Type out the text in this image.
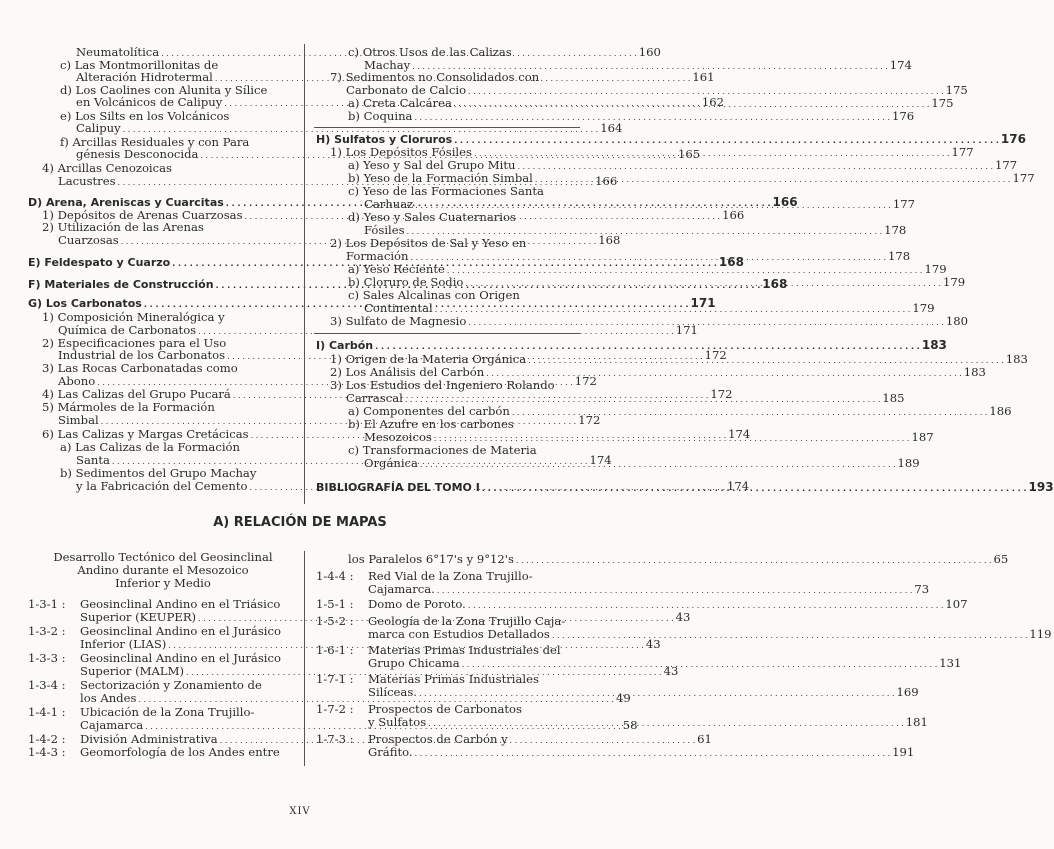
Neumatolítica . . .	160
c) Las Montmorillonitas de
Alteración Hidrotermal . . .	161
d) Los Caolines con Alunita y Sílice
en Volcánicos de Calipuy . . .	162
e) Los Silts en los Volcánicos
Calipuy . . .	164
f) Arcillas Residuales y con Para
génesis Desconocida . . .	165
4) Arcillas Cenozoicas
Lacustres . . .	166
D) Arena, Areniscas y Cuarcitas . . .	166
1) Depósitos de Arenas Cuarzosas . . .	166
2) Utilización de las Arenas
Cuarzosas . . .	168
E) Feldespato y Cuarzo . . .	168
F) Materiales de Construcción . . .	168
G) Los Carbonatos . . .	171
1) Composición Mineralógica y
Química de Carbonatos . . .	171
2) Especificaciones para el Uso
Industrial de los Carbonatos . . .	172
3) Las Rocas Carbonatadas como
Abono . . .	172
4) Las Calizas del Grupo Pucará . . .	172
5) Mármoles de la Formación
Simbal . . .	172
6) Las Calizas y Margas Cretácicas . . .	174
a) Las Calizas de la Formación
Santa . . .	174
b) Sedimentos del Grupo Machay
y la Fabricación del Cemento . . .	174
c) Otros Usos de las Calizas
Machay . . .	174
7) Sedimentos no Consolidados con
Carbonato de Calcio . . .	175
a) Creta Calcárea . . .	175
b) Coquina . . .	176
H) Sulfatos y Cloruros . . .	176
1) Los Depósitos Fósiles . . .	177
a) Yeso y Sal del Grupo Mitu . . .	177
b) Yeso de la Formación Simbal . . .	177
c) Yeso de las Formaciones Santa
Carhuaz . . .	177
d) Yeso y Sales Cuaternarios
Fósiles . . .	178
2) Los Depósitos de Sal y Yeso en
Formación . . .	178
a) Yeso Reciente . . .	179
b) Cloruro de Sodio . . .	179
c) Sales Alcalinas con Origen
Continental . . .	179
3) Sulfato de Magnesio . . .	180
I) Carbón . . .	183
1) Origen de la Materia Orgánica . . .	183
2) Los Análisis del Carbón . . .	183
3) Los Estudios del Ingeniero Rolando
Carrascal . . .	185
a) Componentes del carbón . . .	186
b) El Azufre en los carbones
Mesozoicos . . .	187
c) Transformaciones de Materia
Orgánica . . .	189
BIBLIOGRAFÍA DEL TOMO I . . .	193
A) RELACIÓN DE MAPAS
Desarrollo Tectónico del Geosinclinal
Andino durante el Mesozoico
Inferior y Medio
1-3-1 : Geosinclinal Andino en el Triásico
Superior (KEUPER) . . .	43
1-3-2 : Geosinclinal Andino en el Jurásico
Inferior (LIAS) . . .	43
1-3-3 : Geosinclinal Andino en el Jurásico
Superior (MALM) . . .	43
1-3-4 : Sectorización y Zonamiento de
los Andes . . .	49
1-4-1 : Ubicación de la Zona Trujillo-
Cajamarca . . .	58
1-4-2 : División Administrativa . . .	61
1-4-3 : Geomorfología de los Andes entre
los Paralelos 6°17's y 9°12's . . .	65
1-4-4 : Red Vial de la Zona Trujillo-
Cajamarca. . . .	73
1-5-1 : Domo de Poroto. . . .	107
1-5-2 : Geología de la Zona Trujillo Caja-
marca con Estudios Detallados . . .	119
1-6-1 : Materias Primas Industriales del
Grupo Chicama . . .	131
1-7-1 : Materias Primas Industriales
Silíceas. . . .	169
1-7-2 : Prospectos de Carbonatos
y Sulfatos . . .	181
1-7-3 : Prospectos de Carbón y
Gráfito. . . .	191
XIV
